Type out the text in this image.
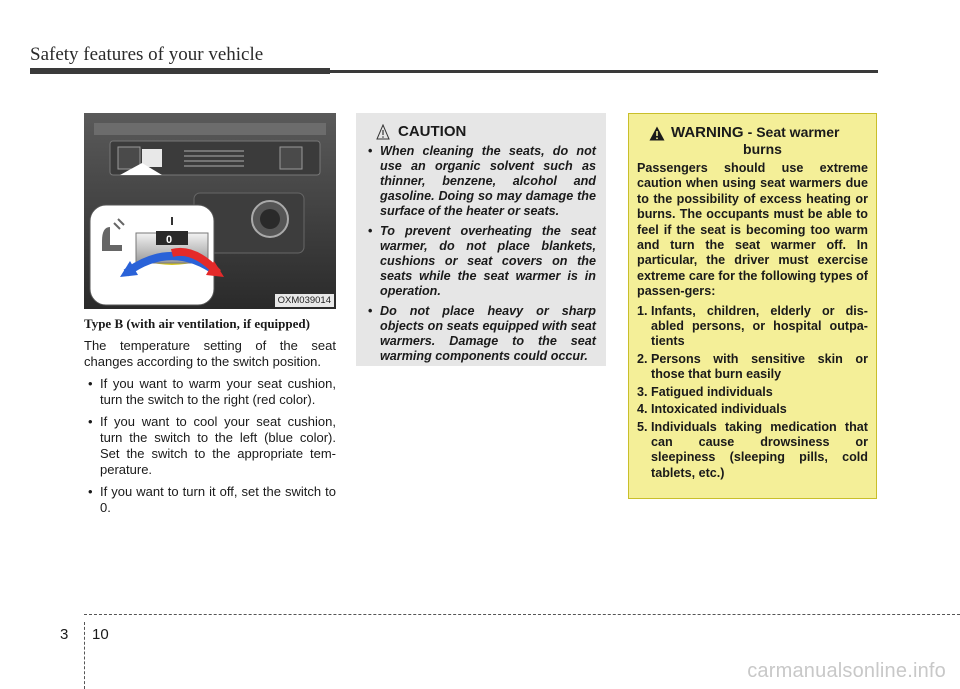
Safety features of your vehicle
0
OXM039014
Type B (with air ventilation, if equipped)

The temperature setting of the seat changes according to the switch position.

• If you want to warm your seat cushion, turn the switch to the right (red color).
• If you want to cool your seat cushion, turn the switch to the left (blue color). Set the switch to the appropriate tem-perature.
• If you want to turn it off, set the switch to 0.
CAUTION
• When cleaning the seats, do not use an organic solvent such as thinner, benzene, alcohol and gasoline. Doing so may damage the surface of the heater or seats.
• To prevent overheating the seat warmer, do not place blankets, cushions or seat covers on the seats while the seat warmer is in operation.
• Do not place heavy or sharp objects on seats equipped with seat warmers. Damage to the seat warming components could occur.
WARNING - Seat warmer
burns

Passengers should use extreme caution when using seat warmers due to the possibility of excess heating or burns. The occupants must be able to feel if the seat is becoming too warm and turn the seat warmer off. In particular, the driver must exercise extreme care for the following types of passen-gers:

1. Infants, children, elderly or dis-abled persons, or hospital outpa-tients
2. Persons with sensitive skin or those that burn easily
3. Fatigued individuals
4. Intoxicated individuals
5. Individuals taking medication that can cause drowsiness or sleepiness (sleeping pills, cold tablets, etc.)
3 10
carmanualsonline.info
